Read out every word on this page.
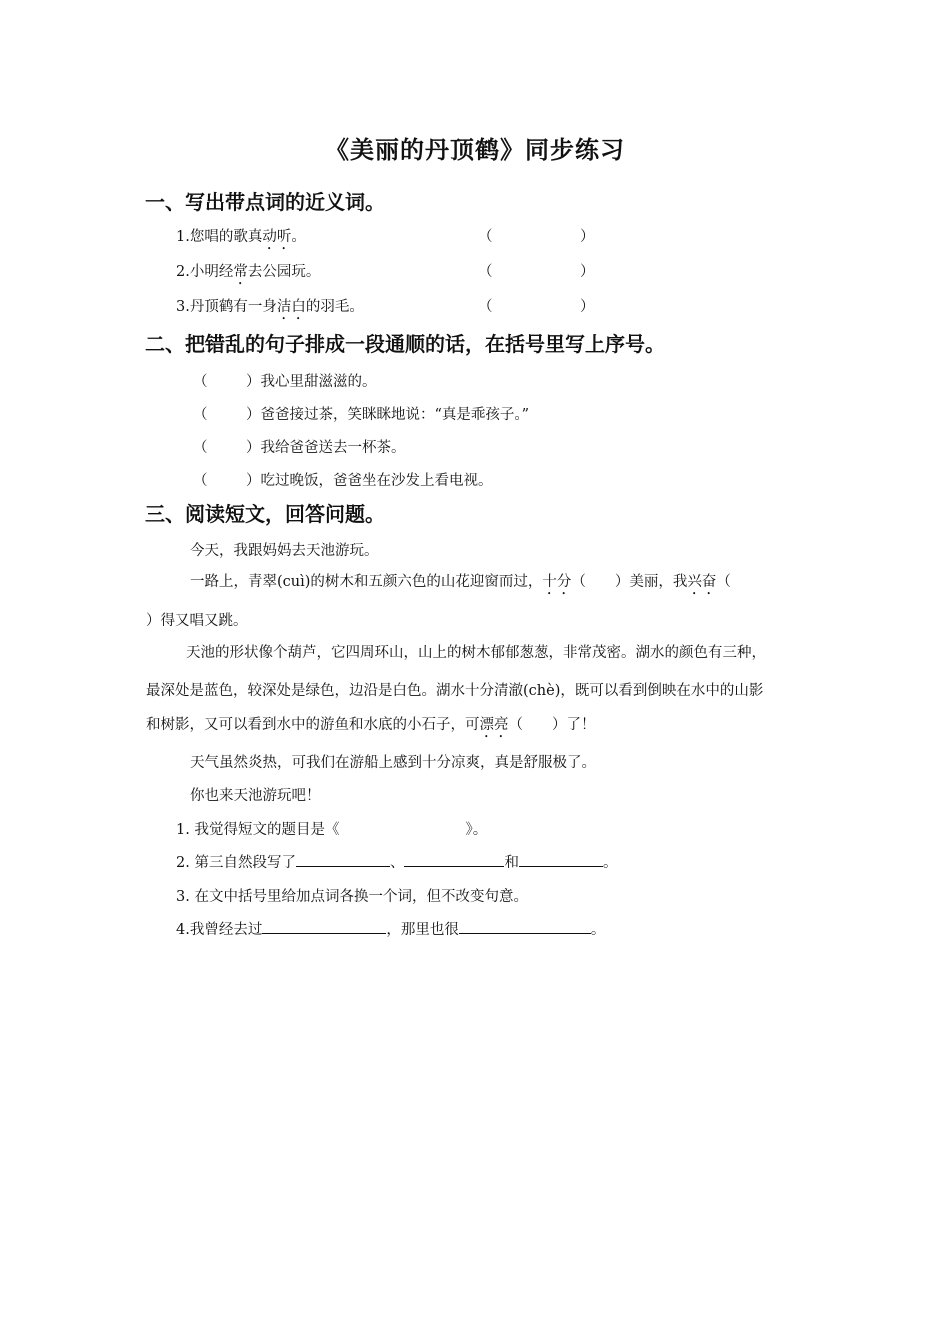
《美丽的丹顶鹤》同步练习
一、写出带点词的近义词。
1.您唱的歌真动听。	（	）
2.小明经常去公园玩。	（	）
3.丹顶鹤有一身洁白的羽毛。	（	）
二、把错乱的句子排成一段通顺的话，在括号里写上序号。
（	）我心里甜滋滋的。
（	）爸爸接过茶，笑眯眯地说：“真是乖孩子。”
（	）我给爸爸送去一杯茶。
（	）吃过晚饭，爸爸坐在沙发上看电视。
三、阅读短文，回答问题。
今天，我跟妈妈去天池游玩。
一路上，青翠(cuì)的树木和五颜六色的山花迎窗而过，十分（　　）美丽，我兴奋（
）得又唱又跳。
天池的形状像个葫芦，它四周环山，山上的树木郁郁葱葱，非常茂密。湖水的颜色有三种，
最深处是蓝色，较深处是绿色，边沿是白色。湖水十分清澈(chè)，既可以看到倒映在水中的山影
和树影，又可以看到水中的游鱼和水底的小石子，可漂亮（　　）了！
天气虽然炎热，可我们在游船上感到十分凉爽，真是舒服极了。
你也来天池游玩吧！
1. 我觉得短文的题目是《	》。
2. 第三自然段写了	、	和	。
3. 在文中括号里给加点词各换一个词，但不改变句意。
4.我曾经去过	，那里也很	。
